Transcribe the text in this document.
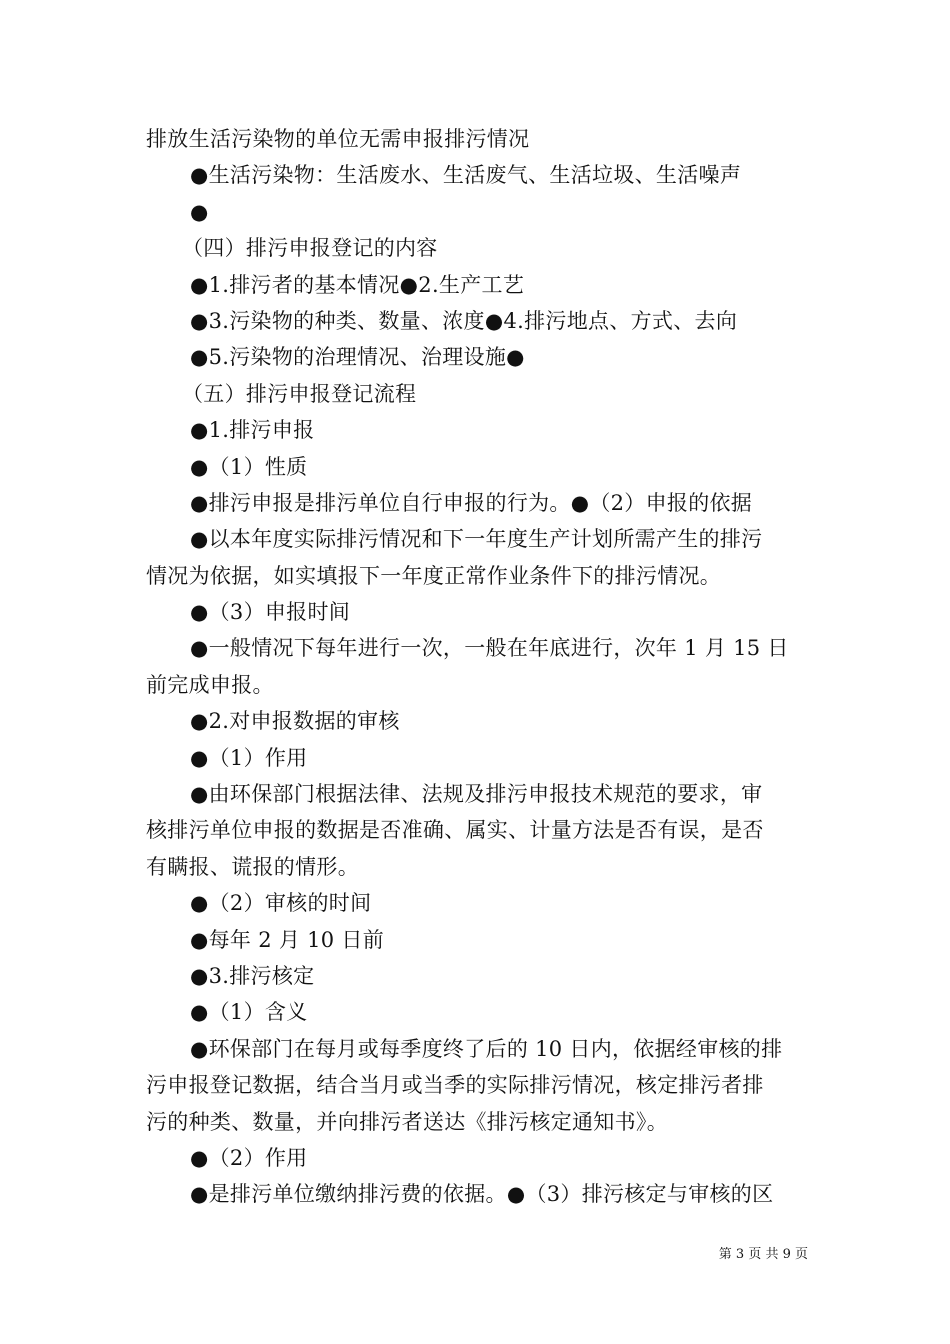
排放生活污染物的单位无需申报排污情况
●生活污染物：生活废水、生活废气、生活垃圾、生活噪声
●
（四）排污申报登记的内容
●1.排污者的基本情况●2.生产工艺
●3.污染物的种类、数量、浓度●4.排污地点、方式、去向
●5.污染物的治理情况、治理设施●
（五）排污申报登记流程
●1.排污申报
●（1）性质
●排污申报是排污单位自行申报的行为。●（2）申报的依据
●以本年度实际排污情况和下一年度生产计划所需产生的排污
情况为依据，如实填报下一年度正常作业条件下的排污情况。
●（3）申报时间
●一般情况下每年进行一次，一般在年底进行，次年 1 月 15 日
前完成申报。
●2.对申报数据的审核
●（1）作用
●由环保部门根据法律、法规及排污申报技术规范的要求，审
核排污单位申报的数据是否准确、属实、计量方法是否有误，是否
有瞒报、谎报的情形。
●（2）审核的时间
●每年 2 月 10 日前
●3.排污核定
●（1）含义
●环保部门在每月或每季度终了后的 10 日内，依据经审核的排
污申报登记数据，结合当月或当季的实际排污情况，核定排污者排
污的种类、数量，并向排污者送达《排污核定通知书》。
●（2）作用
●是排污单位缴纳排污费的依据。●（3）排污核定与审核的区
第 3 页 共 9 页
